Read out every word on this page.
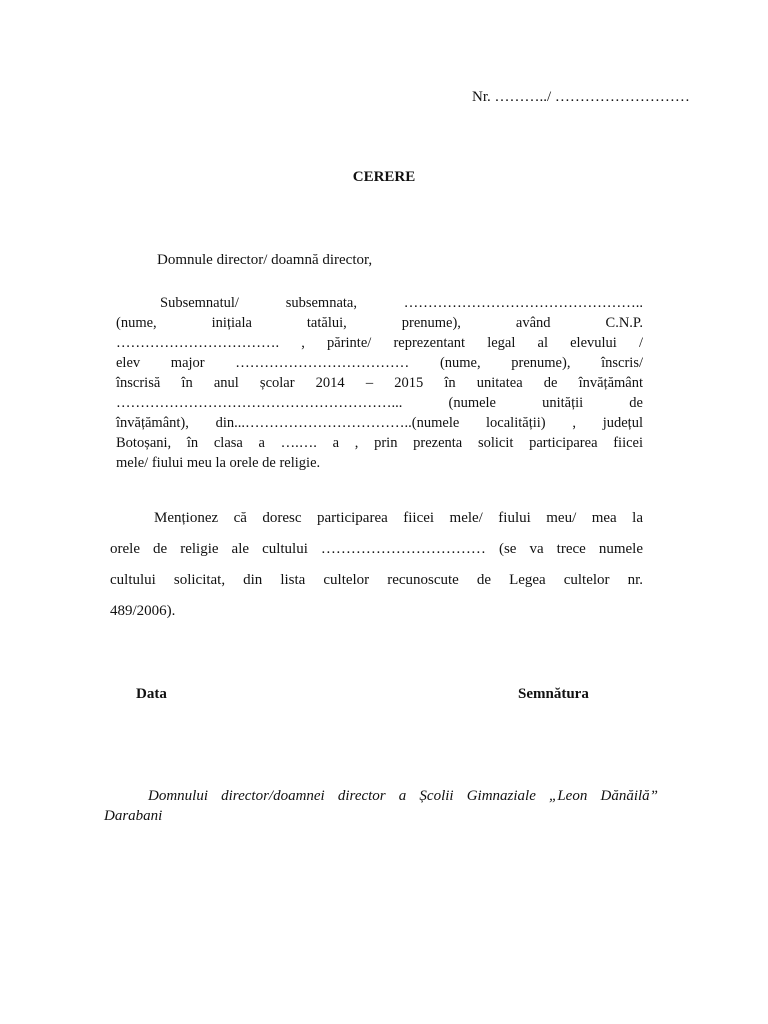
Nr. ………../ ………………………
CERERE
Domnule director/ doamnă director,
Subsemnatul/ subsemnata, …………………………………………..
(nume, inițiala tatălui, prenume), având C.N.P.
……………………………. , părinte/ reprezentant legal al elevului /
elev major ……………………………… (nume, prenume), înscris/
înscrisă în anul școlar 2014 – 2015 în unitatea de învățământ
…………………………………………………... (numele unității de
învățământ), din...……………………………..(numele localității) , județul
Botoșani, în clasa a ….…. a , prin prezenta solicit participarea fiicei
mele/ fiului meu la orele de religie.
Menționez că doresc participarea fiicei mele/ fiului meu/ mea la
orele de religie ale cultului …………………………… (se va trece numele
cultului solicitat, din lista cultelor recunoscute de Legea cultelor nr.
489/2006).
Data	Semnătura
Domnului director/doamnei director a Școlii Gimnaziale „Leon Dănăilă”
Darabani
